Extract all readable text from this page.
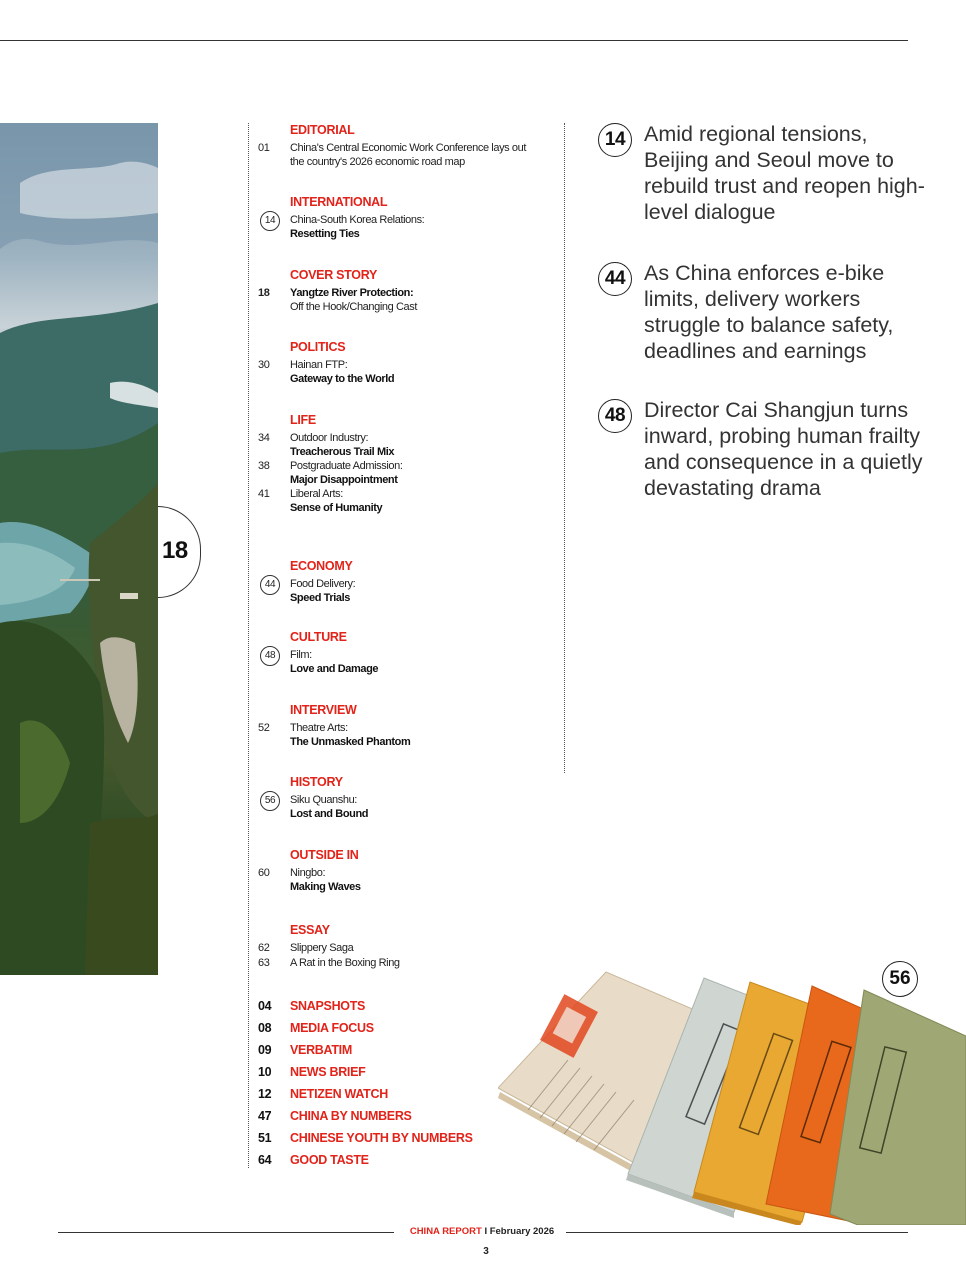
18
EDITORIAL
01	China's Central Economic Work Conference lays out the country's 2026 economic road map
INTERNATIONAL
14	China-South Korea Relations:
Resetting Ties
COVER STORY
18	Yangtze River Protection:
Off the Hook/Changing Cast
POLITICS
30	Hainan FTP:
Gateway to the World
LIFE
34	Outdoor Industry:
Treacherous Trail Mix
38	Postgraduate Admission:
Major Disappointment
41	Liberal Arts:
Sense of Humanity
ECONOMY
44	Food Delivery:
Speed Trials
CULTURE
48	Film:
Love and Damage
INTERVIEW
52	Theatre Arts:
The Unmasked Phantom
HISTORY
56	Siku Quanshu:
Lost and Bound
OUTSIDE IN
60	Ningbo:
Making Waves
ESSAY
62	Slippery Saga
63	A Rat in the Boxing Ring
04 SNAPSHOTS
08 MEDIA FOCUS
09 VERBATIM
10 NEWS BRIEF
12 NETIZEN WATCH
47 CHINA BY NUMBERS
51 CHINESE YOUTH BY NUMBERS
64 GOOD TASTE
14 Amid regional tensions, Beijing and Seoul move to rebuild trust and reopen high-level dialogue
44 As China enforces e-bike limits, delivery workers struggle to balance safety, deadlines and earnings
48 Director Cai Shangjun turns inward, probing human frailty and consequence in a quietly devastating drama
56
CHINA REPORT I February 2026
3
